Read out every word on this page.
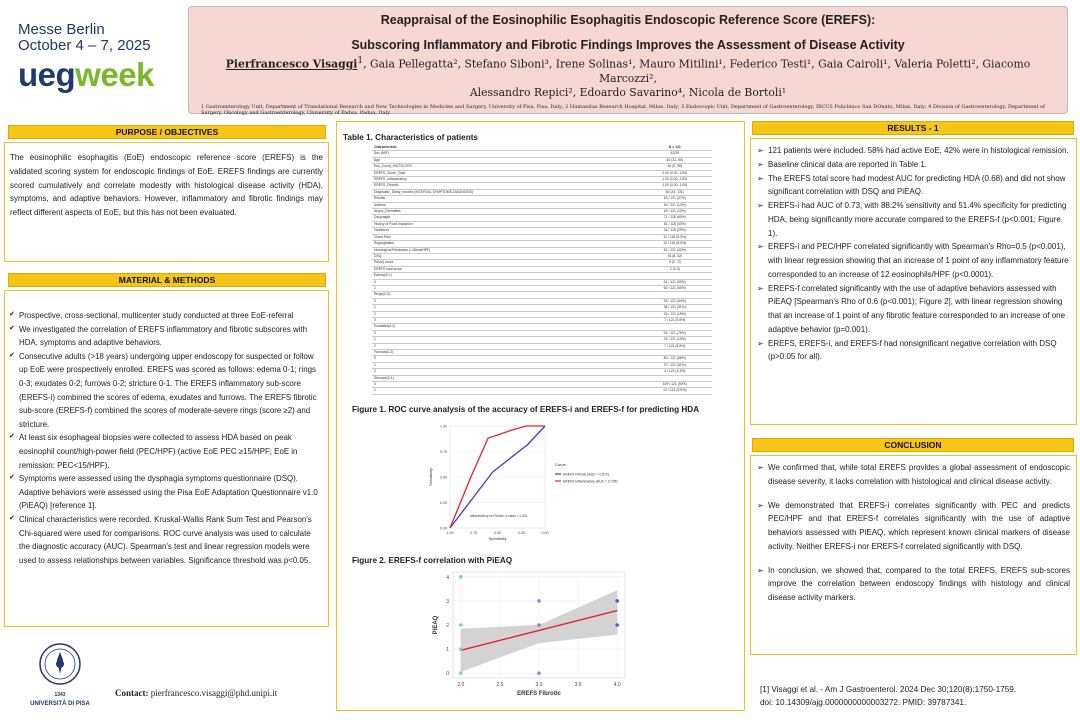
Messe Berlin
October 4 – 7, 2025
uegweek
Reappraisal of the Eosinophilic Esophagitis Endoscopic Reference Score (EREFS):
Subscoring Inflammatory and Fibrotic Findings Improves the Assessment of Disease Activity
Pierfrancesco Visaggi$^1$, Gaia Pellegatta², Stefano Siboni³, Irene Solinas¹, Mauro Mitilini¹, Federico Testi¹, Gaia Cairoli¹, Valeria Poletti², Giacomo Marcozzi²,
Alessandro Repici², Edoardo Savarino⁴, Nicola de Bortoli¹
1 Gastroenterology Unit, Department of Translational Research and New Technologies in Medicine and Surgery, University of Pisa, Pisa, Italy; 2 Humanitas Research Hospital, Milan, Italy; 3 Endoscopic Unit, Department of Gastroenterology, IRCCS Policlinico San DOnato, Milan, Italy; 4 Division of Gastroenterology, Department of Surgery, Oncology and Gastroenterology, University of Padua, Padua, Italy
PURPOSE / OBJECTIVES
The eosinophilic esophagitis (EoE) endoscopic reference score (EREFS) is the validated scoring system for endoscopic findings of EoE. EREFS findings are currently scored cumulatively and correlate modestly with histological disease activity (HDA), symptoms, and adaptive behaviors. However, inflammatory and fibrotic findings may reflect different aspects of EoE, but this has not been evaluated.
MATERIAL & METHODS
✔ Prospective, cross-sectional, multicenter study conducted at three EoE-referral
✔ We investigated the correlation of EREFS inflammatory and fibrotic subscores with HDA, symptoms and adaptive behaviors.
✔ Consecutive adults (>18 years) undergoing upper endoscopy for suspected or follow up EoE were prospectively enrolled. EREFS was scored as follows: edema 0-1; rings 0-3; exudates 0-2; furrows 0-2; stricture 0-1. The EREFS inflammatory sub-score (EREFS-i) combined the scores of edema, exudates and furrows. The EREFS fibrotic sub-score (EREFS-f) combined the scores of moderate-severe rings (score ≥2) and stricture.
✔ At least six esophageal biopsies were collected to assess HDA based on peak eosinophil count/high-power field (PEC/HPF) (active EoE PEC ≥15/HPF; EoE in remission: PEC<15/HPF).
✔ Symptoms were assessed using the dysphagia symptoms questionnaire (DSQ). Adaptive behaviors were assessed using the Pisa EoE Adaptation Questionnaire v1.0 (PiEAQ) [reference 1].
✔ Clinical characteristics were recorded. Kruskal-Wallis Rank Sum Test and Pearson's Chi-squared were used for comparisons. ROC curve analysis was used to calculate the diagnostic accuracy (AUC). Spearman's test and linear regression models were used to assess relationships between variables. Significance threshold was p<0.05.
1343
UNIVERSITÀ DI PISA
Contact: pierfrancesco.visaggi@phd.unipi.it
Table 1. Characteristics of patients
Characteristic	N = 121
Sex (M/F)	82/39
Age	40 (31, 50)
Eos_Count_HISTOLOGY	16 (0, 35)
EREFS_Score_Total	2.00 (0.00, 3.00)
EREFS_Inflammatory	1.00 (0.00, 2.00)
EREFS_Fibrotic	1.00 (0.00, 1.00)
Diagnostic_Delay_months (INTERVAL SYMPTOMS-DIAGNOSIS)	60 (24, 131)
Rhinitis	45 / 121 (37%)
Asthma	16 / 121 (13%)
Atopic_Dermatitis	16 / 121 (13%)
Dysphagia	71 / 118 (60%)
History of Food Impaction	51 / 118 (43%)
Heartburn	34 / 118 (29%)
Chest Pain	11 / 118 (9.3%)
Regurgitation	10 / 118 (8.5%)
Histological Remission (<15eos/HPF)	51 / 121 (42%)
DSQ	16 (8, 42)
PiEAQ score	0 (0 - 2)
EREFS total score	2 (0-3)
Edema(0-1)	
0	61 / 121 (50%)
1	60 / 121 (50%)
Rings(0-3)	
0	53 / 121 (44%)
1	38 / 121 (31%)
2	23 / 121 (19%)
3	7 / 121 (5.8%)
Exudates(0-2)	
0	91 / 121 (75%)
1	23 / 121 (19%)
2	7 / 121 (5.8%)
Furrows(0-2)	
0	80 / 121 (66%)
1	37 / 121 (31%)
2	4 / 121 (3.3%)
Stricture(0-1)	
0	109 / 121 (90%)
1	12 / 121 (9.9%)
Figure 1. ROC curve analysis of the accuracy of EREFS-i and EREFS-f for predicting HDA
0.00
0.25
0.50
0.75
1.00
1.00	0.75	0.50	0.25	0.00
Specificity
Sensitivity
Inflammatory vs Fibrotic: p value < 0.001
Curve
EREFS Fibrotic (AUC = 0.672)
EREFS Inflammatory (AUC = 0.735)
Figure 2. EREFS-f correlation with PiEAQ
0
1
2
3
4
2.0	2.5	3.0	3.5	4.0
EREFS Fibrotic
PiEAQ
RESULTS - 1
➢ 121 patients were included. 58% had active EoE, 42% were in histological remission.
➢ Baseline clinical data are reported in Table 1.
➢ The EREFS total score had modest AUC for predicting HDA (0.68) and did not show significant correlation with DSQ and PiEAQ.
➢ EREFS-i had AUC of 0.73, with 88.2% sensitivity and 51.4% specificity for predicting HDA, being significantly more accurate compared to the EREFS-f (p<0.001; Figure 1).
➢ EREFS-i and PEC/HPF correlated significantly with Spearman's Rho=0.5 (p<0.001), with linear regression showing that an increase of 1 point of any inflammatory feature corresponded to an increase of 12 eosinophils/HPF (p<0.0001).
➢ EREFS-f correlated significantly with the use of adaptive behaviors assessed with PiEAQ [Spearman's Rho of 0.6 (p<0.001); Figure 2], with linear regression showing that an increase of 1 point of any fibrotic feature corresponded to an increase of one adaptive behavior (p=0.001).
➢ EREFS, EREFS-i, and EREFS-f had nonsignificant negative correlation with DSQ (p>0.05 for all).
CONCLUSION
➢ We confirmed that, while total EREFS provides a global assessment of endoscopic disease severity, it lacks correlation with histological and clinical disease activity.
➢ We demonstrated that EREFS-i correlates significantly with PEC and predicts PEC/HPF and that EREFS-f correlates significantly with the use of adaptive behaviors assessed with PiEAQ, which represent known clinical markers of disease activity. Neither EREFS-i nor EREFS-f correlated significantly with DSQ.
➢ In conclusion, we showed that, compared to the total EREFS, EREFS sub-scores improve the correlation between endoscopy findings with histology and clinical disease activity markers.
[1] Visaggi et al. - Am J Gastroenterol. 2024 Dec 30;120(8):1750-1759.
doi: 10.14309/ajg.0000000000003272. PMID: 39787341.
